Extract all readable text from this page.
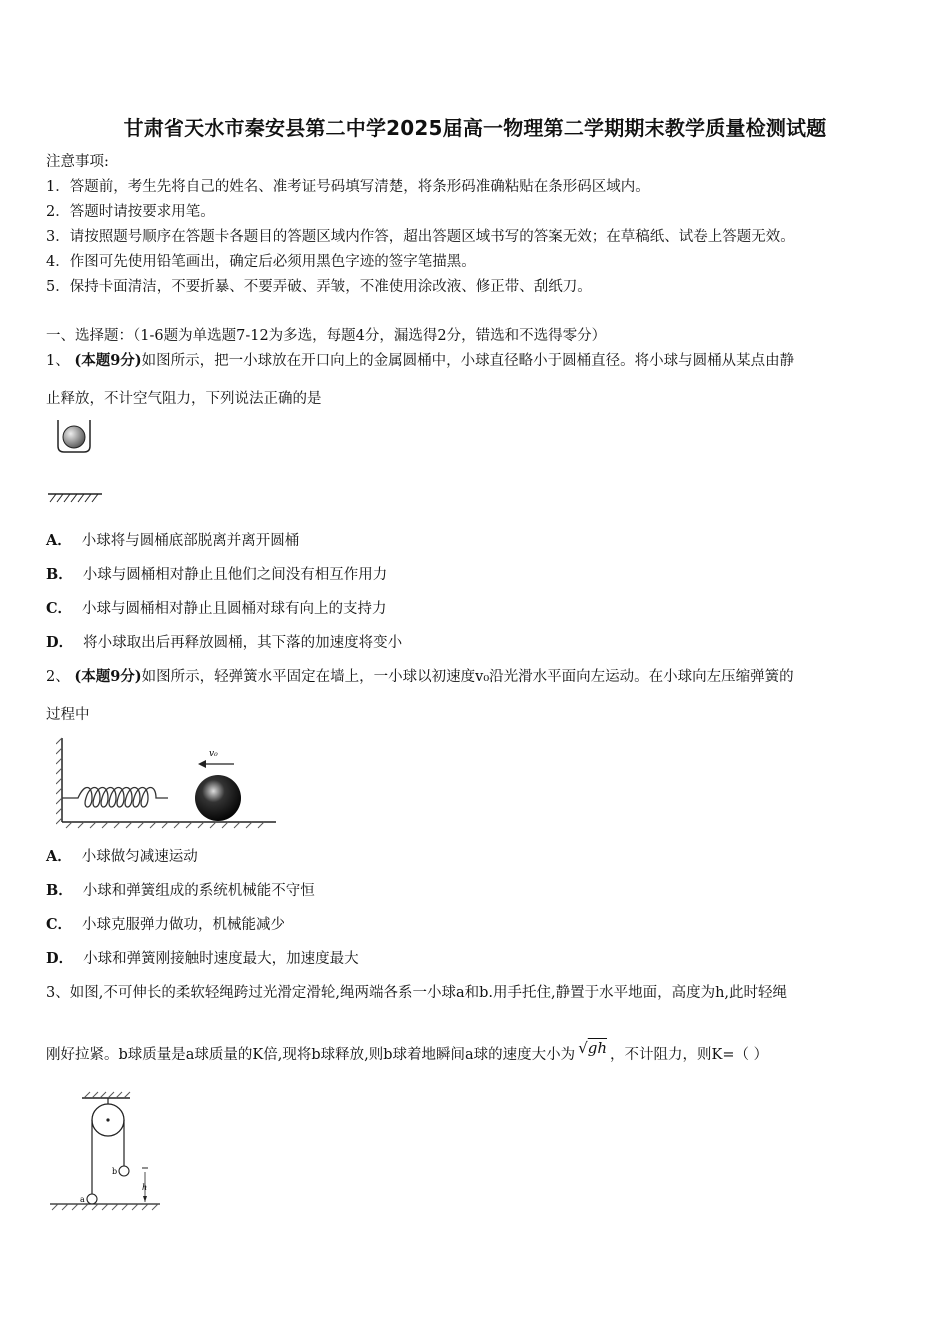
甘肃省天水市秦安县第二中学2025届高一物理第二学期期末教学质量检测试题
注意事项:
1．答题前，考生先将自己的姓名、准考证号码填写清楚，将条形码准确粘贴在条形码区域内。
2．答题时请按要求用笔。
3．请按照题号顺序在答题卡各题目的答题区域内作答，超出答题区域书写的答案无效；在草稿纸、试卷上答题无效。
4．作图可先使用铅笔画出，确定后必须用黑色字迹的签字笔描黑。
5．保持卡面清洁，不要折暴、不要弄破、弄皱，不准使用涂改液、修正带、刮纸刀。
一、选择题：（1-6题为单选题7-12为多选，每题4分，漏选得2分，错选和不选得零分）
1、 (本题9分)如图所示，把一小球放在开口向上的金属圆桶中，小球直径略小于圆桶直径。将小球与圆桶从某点由静
止释放，不计空气阻力，下列说法正确的是
A． 小球将与圆桶底部脱离并离开圆桶
B． 小球与圆桶相对静止且他们之间没有相互作用力
C． 小球与圆桶相对静止且圆桶对球有向上的支持力
D． 将小球取出后再释放圆桶，其下落的加速度将变小
2、 (本题9分)如图所示，轻弹簧水平固定在墙上，一小球以初速度v₀沿光滑水平面向左运动。在小球向左压缩弹簧的
过程中
v₀
A． 小球做匀减速运动
B． 小球和弹簧组成的系统机械能不守恒
C． 小球克服弹力做功，机械能减少
D． 小球和弹簧刚接触时速度最大，加速度最大
3、如图,不可伸长的柔软轻绳跨过光滑定滑轮,绳两端各系一小球a和b.用手托住,静置于水平地面，高度为h,此时轻绳
刚好拉紧。b球质量是a球质量的K倍,现将b球释放,则b球着地瞬间a球的速度大小为 √gh ，不计阻力，则K=（ ）
a
b
h
